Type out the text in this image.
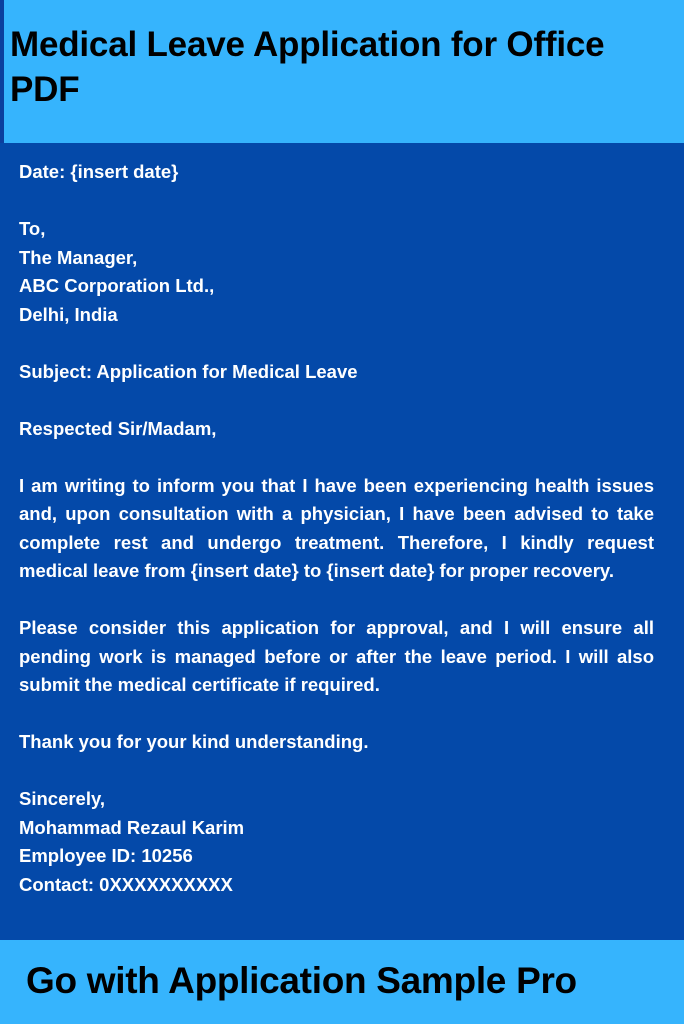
Medical Leave Application for Office PDF
Date: {insert date}
To,
The Manager,
ABC Corporation Ltd.,
Delhi, India
Subject: Application for Medical Leave
Respected Sir/Madam,

I am writing to inform you that I have been experiencing health issues and, upon consultation with a physician, I have been advised to take complete rest and undergo treatment. Therefore, I kindly request medical leave from {insert date} to {insert date} for proper recovery.

Please consider this application for approval, and I will ensure all pending work is managed before or after the leave period. I will also submit the medical certificate if required.

Thank you for your kind understanding.
Sincerely,
Mohammad Rezaul Karim
Employee ID: 10256
Contact: 0XXXXXXXXXX

Go with Application Sample Pro
